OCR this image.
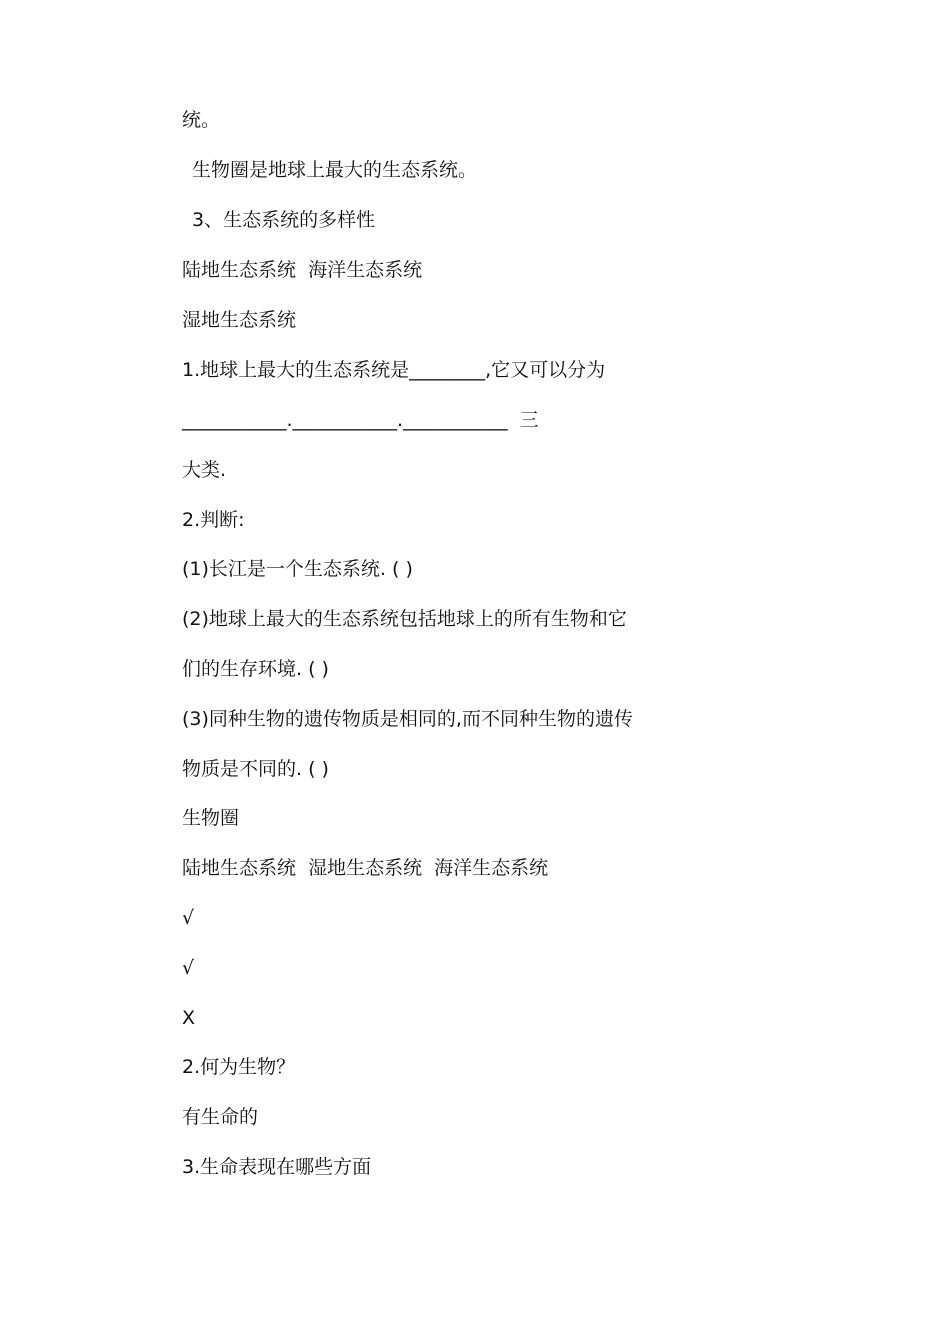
统。
生物圈是地球上最大的生态系统。
3、生态系统的多样性
陆地生态系统  海洋生态系统
湿地生态系统
1.地球上最大的生态系统是________,它又可以分为
___________.___________.___________  三
大类.
2.判断:
(1)长江是一个生态系统. ( )
(2)地球上最大的生态系统包括地球上的所有生物和它
们的生存环境. ( )
(3)同种生物的遗传物质是相同的,而不同种生物的遗传
物质是不同的. ( )
生物圈
陆地生态系统  湿地生态系统  海洋生态系统
√
√
X
2.何为生物？
有生命的
3.生命表现在哪些方面
